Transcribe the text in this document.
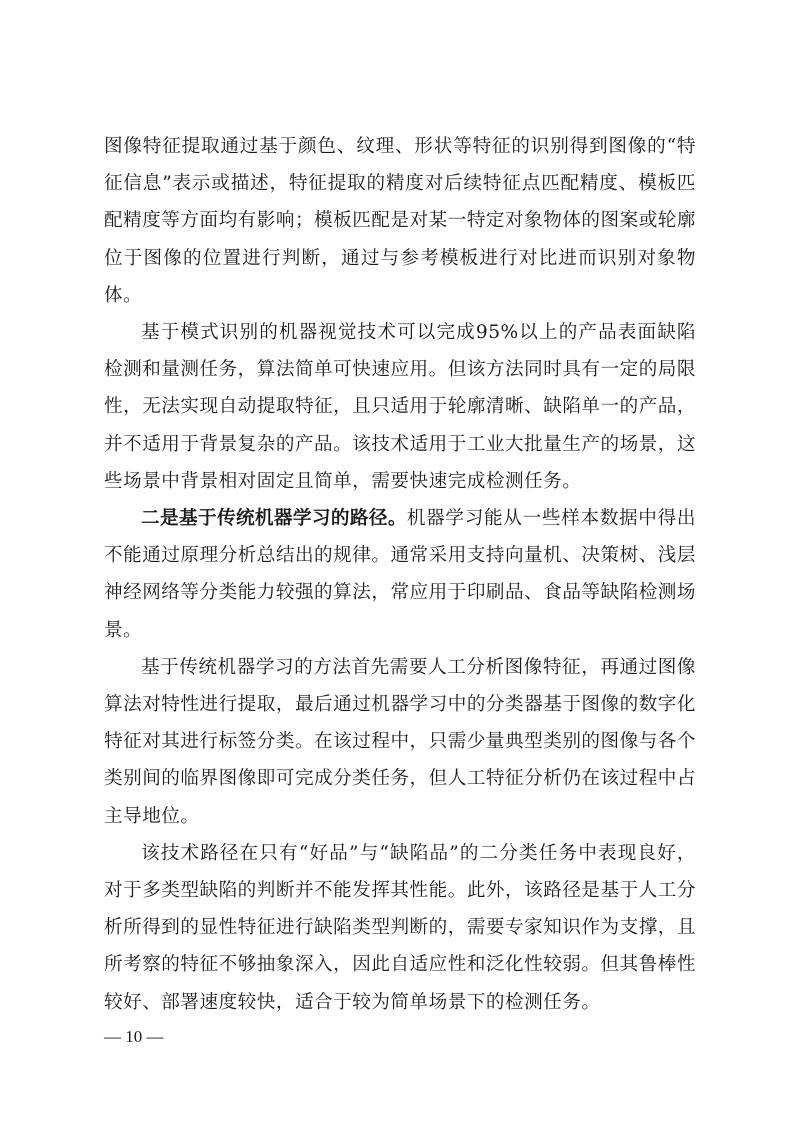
图像特征提取通过基于颜色、纹理、形状等特征的识别得到图像的“特征信息”表示或描述，特征提取的精度对后续特征点匹配精度、模板匹配精度等方面均有影响；模板匹配是对某一特定对象物体的图案或轮廓位于图像的位置进行判断，通过与参考模板进行对比进而识别对象物体。

基于模式识别的机器视觉技术可以完成95%以上的产品表面缺陷检测和量测任务，算法简单可快速应用。但该方法同时具有一定的局限性，无法实现自动提取特征，且只适用于轮廓清晰、缺陷单一的产品，并不适用于背景复杂的产品。该技术适用于工业大批量生产的场景，这些场景中背景相对固定且简单，需要快速完成检测任务。

二是基于传统机器学习的路径。机器学习能从一些样本数据中得出不能通过原理分析总结出的规律。通常采用支持向量机、决策树、浅层神经网络等分类能力较强的算法，常应用于印刷品、食品等缺陷检测场景。

基于传统机器学习的方法首先需要人工分析图像特征，再通过图像算法对特性进行提取，最后通过机器学习中的分类器基于图像的数字化特征对其进行标签分类。在该过程中，只需少量典型类别的图像与各个类别间的临界图像即可完成分类任务，但人工特征分析仍在该过程中占主导地位。

该技术路径在只有“好品”与“缺陷品”的二分类任务中表现良好，对于多类型缺陷的判断并不能发挥其性能。此外，该路径是基于人工分析所得到的显性特征进行缺陷类型判断的，需要专家知识作为支撑，且所考察的特征不够抽象深入，因此自适应性和泛化性较弱。但其鲁棒性较好、部署速度较快，适合于较为简单场景下的检测任务。

— 10 —
